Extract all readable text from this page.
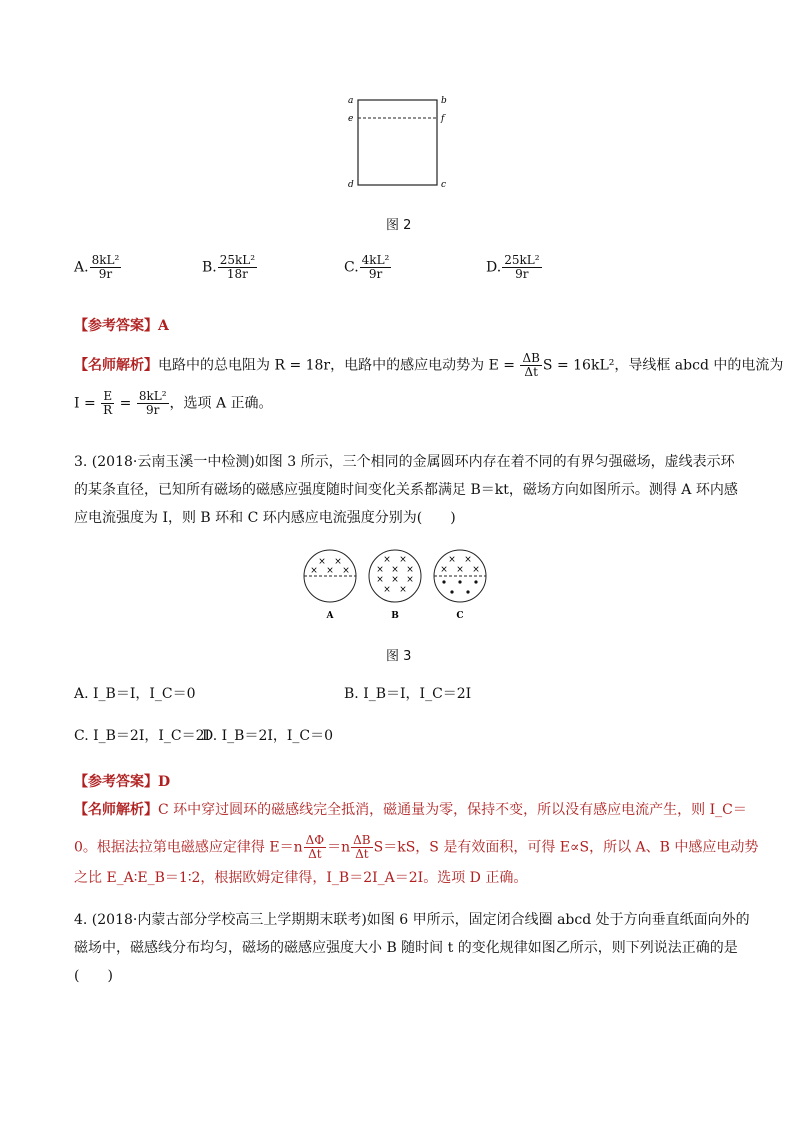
a	b
e	f
d	c
图 2
A. $\frac{\text{8kL²}}{9r}$	B. $\frac{\text{25kL²}}{18r}$	C. $\frac{\text{4kL²}}{9r}$	D. $\frac{\text{25kL²}}{9r}$
【参考答案】A
【名师解析】电路中的总电阻为 R = 18r，电路中的感应电动势为 $E = \frac{\Delta B}{\Delta t}$ S = 16kL²，导线框 abcd 中的电流为
$I = \frac{E}{R} = \frac{\text{8kL²}}{9r}$ ，选项 A 正确。
3. (2018·云南玉溪一中检测)如图 3 所示，三个相同的金属圆环内存在着不同的有界匀强磁场，虚线表示环
的某条直径，已知所有磁场的磁感应强度随时间变化关系都满足 B＝kt，磁场方向如图所示。测得 A 环内感
应电流强度为 I，则 B 环和 C 环内感应电流强度分别为(　　)
× ×
× × ×
× ×
× × ×
× × ×
× ×
× ×
× × ×
A	B	C
图 3
A. I_B＝I，I_C＝0	B. I_B＝I，I_C＝2I
C. I_B＝2I，I_C＝2I
D. I_B＝2I，I_C＝0
【参考答案】D
【名师解析】C 环中穿过圆环的磁感线完全抵消，磁通量为零，保持不变，所以没有感应电流产生，则 I_C＝
0。根据法拉第电磁感应定律得 $E=n \frac{\Delta\Phi}{\Delta t} =n \frac{\Delta B}{\Delta t} S=kS$，S 是有效面积，可得 E∝S，所以 A、B 中感应电动势
之比 E_A∶E_B＝1∶2，根据欧姆定律得，I_B＝2I_A＝2I。选项 D 正确。
4. (2018·内蒙古部分学校高三上学期期末联考)如图 6 甲所示，固定闭合线圈 abcd 处于方向垂直纸面向外的
磁场中，磁感线分布均匀，磁场的磁感应强度大小 B 随时间 t 的变化规律如图乙所示，则下列说法正确的是
(　　)
